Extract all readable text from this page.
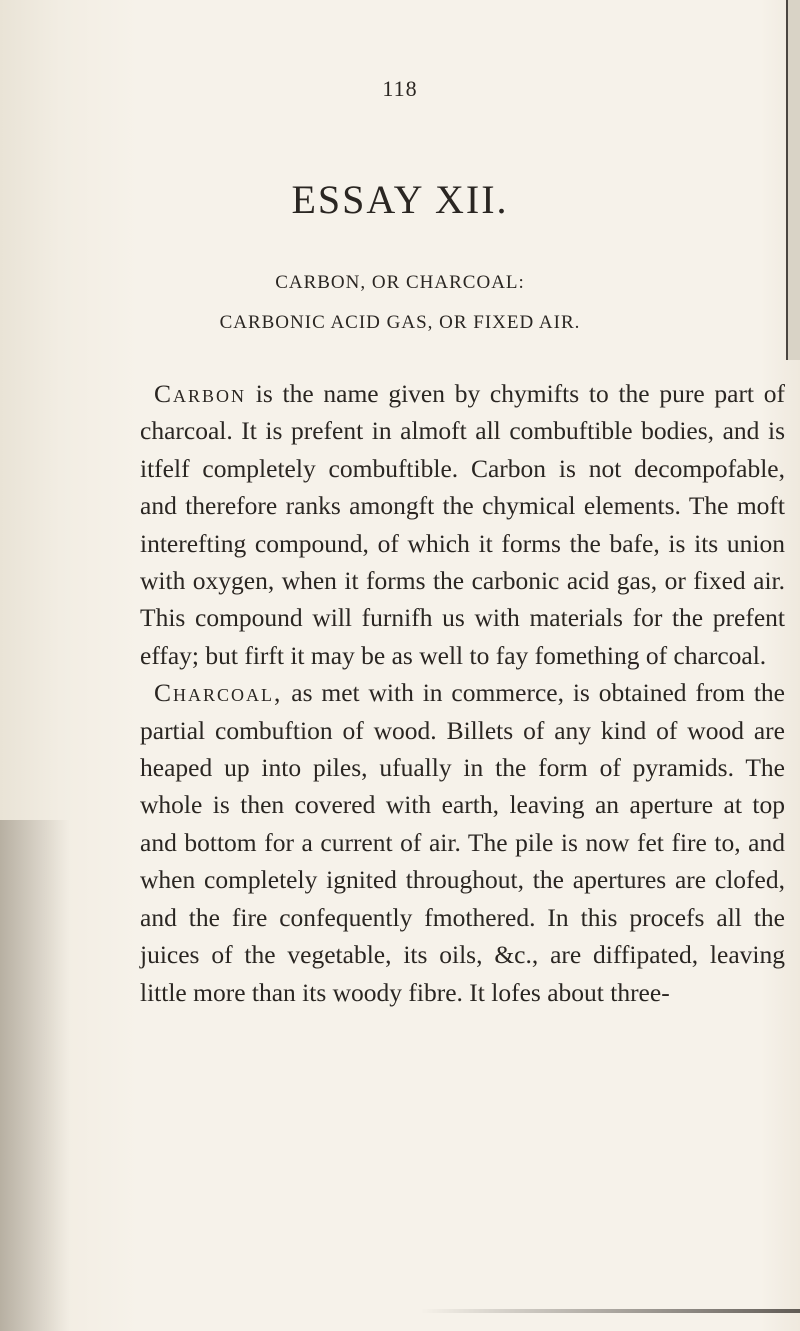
118
ESSAY XII.
CARBON, OR CHARCOAL:
CARBONIC ACID GAS, OR FIXED AIR.

Carbon is the name given by chymifts to the pure part of charcoal. It is prefent in almoft all combuftible bodies, and is itfelf completely combuftible. Carbon is not decompofable, and therefore ranks amongft the chymical elements. The moft interefting compound, of which it forms the bafe, is its union with oxygen, when it forms the carbonic acid gas, or fixed air. This compound will furnifh us with materials for the prefent effay; but firft it may be as well to fay fomething of charcoal.

Charcoal, as met with in commerce, is obtained from the partial combuftion of wood. Billets of any kind of wood are heaped up into piles, ufually in the form of pyramids. The whole is then covered with earth, leaving an aperture at top and bottom for a current of air. The pile is now fet fire to, and when completely ignited throughout, the apertures are clofed, and the fire confequently fmothered. In this procefs all the juices of the vegetable, its oils, &c., are diffipated, leaving little more than its woody fibre. It lofes about three-
